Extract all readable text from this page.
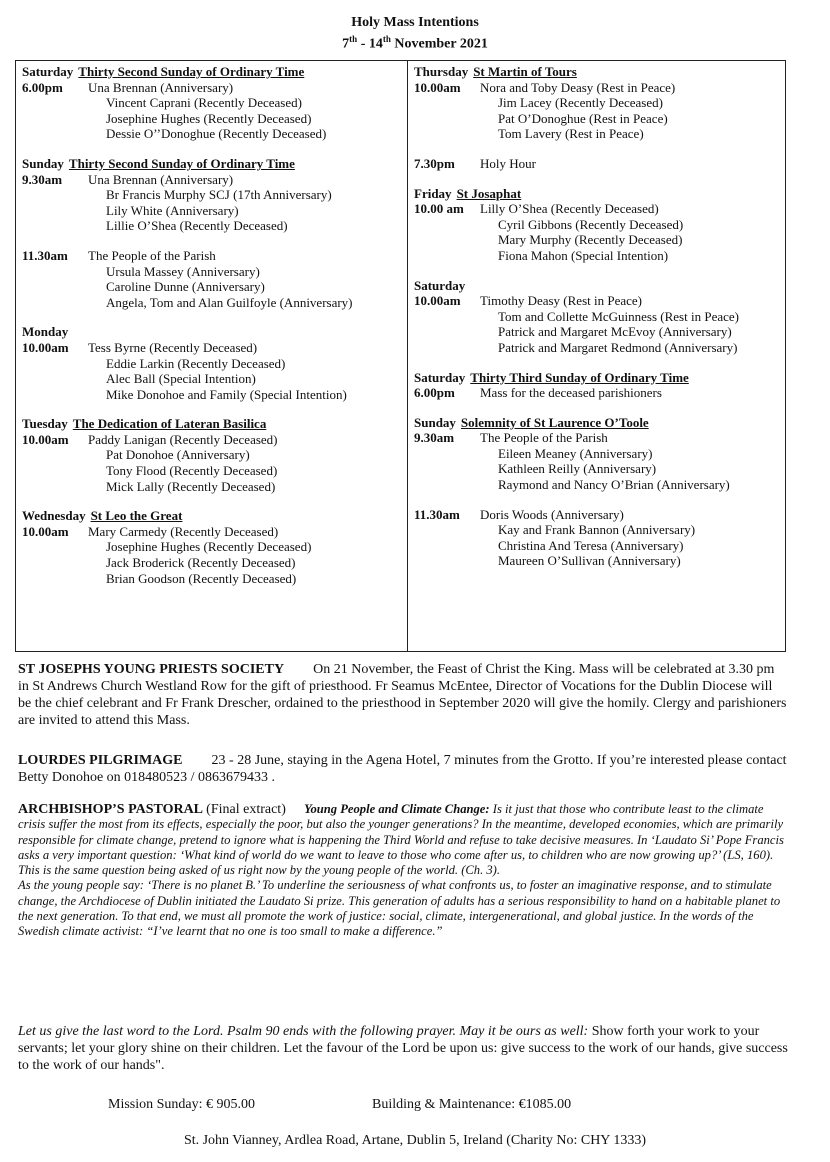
Holy Mass Intentions
7th - 14th November 2021
Saturday Thirty Second Sunday of Ordinary Time
6.00pm	Una Brennan (Anniversary)
Vincent Caprani (Recently Deceased)
Josephine Hughes (Recently Deceased)
Dessie O’’Donoghue (Recently Deceased)
Sunday Thirty Second Sunday of Ordinary Time
9.30am	Una Brennan (Anniversary)
Br Francis Murphy SCJ (17th Anniversary)
Lily White (Anniversary)
Lillie O’Shea (Recently Deceased)
11.30am	The People of the Parish
Ursula Massey (Anniversary)
Caroline Dunne (Anniversary)
Angela, Tom and Alan Guilfoyle (Anniversary)
Monday
10.00am	Tess Byrne (Recently Deceased)
Eddie Larkin (Recently Deceased)
Alec Ball (Special Intention)
Mike Donohoe and Family (Special Intention)
Tuesday The Dedication of Lateran Basilica
10.00am	Paddy Lanigan (Recently Deceased)
Pat Donohoe (Anniversary)
Tony Flood (Recently Deceased)
Mick Lally (Recently Deceased)
Wednesday St Leo the Great
10.00am	Mary Carmedy (Recently Deceased)
Josephine Hughes (Recently Deceased)
Jack Broderick (Recently Deceased)
Brian Goodson (Recently Deceased)
Thursday St Martin of Tours
10.00am	Nora and Toby Deasy (Rest in Peace)
Jim Lacey (Recently Deceased)
Pat O’Donoghue (Rest in Peace)
Tom Lavery (Rest in Peace)
7.30pm	Holy Hour
Friday St Josaphat
10.00 am	Lilly O’Shea (Recently Deceased)
Cyril Gibbons (Recently Deceased)
Mary Murphy (Recently Deceased)
Fiona Mahon (Special Intention)
Saturday
10.00am	Timothy Deasy (Rest in Peace)
Tom and Collette McGuinness (Rest in Peace)
Patrick and Margaret McEvoy (Anniversary)
Patrick and Margaret Redmond (Anniversary)
Saturday Thirty Third Sunday of Ordinary Time
6.00pm	Mass for the deceased parishioners
Sunday Solemnity of St Laurence O’Toole
9.30am	The People of the Parish
Eileen Meaney (Anniversary)
Kathleen Reilly (Anniversary)
Raymond and Nancy O’Brian (Anniversary)
11.30am	Doris Woods (Anniversary)
Kay and Frank Bannon (Anniversary)
Christina And Teresa (Anniversary)
Maureen O’Sullivan (Anniversary)
ST JOSEPHS YOUNG PRIESTS SOCIETY On 21 November, the Feast of Christ the King. Mass will be celebrated at 3.30 pm in St Andrews Church Westland Row for the gift of priesthood. Fr Seamus McEntee, Director of Vocations for the Dublin Diocese will be the chief celebrant and Fr Frank Drescher, ordained to the priesthood in September 2020 will give the homily. Clergy and parishioners are invited to attend this Mass.
LOURDES PILGRIMAGE 23 - 28 June, staying in the Agena Hotel, 7 minutes from the Grotto. If you’re interested please contact Betty Donohoe on 018480523 / 0863679433 .
ARCHBISHOP’S PASTORAL (Final extract) Young People and Climate Change: Is it just that those who contribute least to the climate crisis suffer the most from its effects, especially the poor, but also the younger generations? In the meantime, developed economies, which are primarily responsible for climate change, pretend to ignore what is happening the Third World and refuse to take decisive measures. In ‘Laudato Si’ Pope Francis asks a very important question: ‘What kind of world do we want to leave to those who come after us, to children who are now growing up?’ (LS, 160). This is the same question being asked of us right now by the young people of the world. (Ch. 3).
As the young people say: ‘There is no planet B.’ To underline the seriousness of what confronts us, to foster an imaginative response, and to stimulate change, the Archdiocese of Dublin initiated the Laudato Si prize. This generation of adults has a serious responsibility to hand on a habitable planet to the next generation. To that end, we must all promote the work of justice: social, climate, intergenerational, and global justice. In the words of the Swedish climate activist: “I’ve learnt that no one is too small to make a difference.”
Let us give the last word to the Lord. Psalm 90 ends with the following prayer. May it be ours as well: Show forth your work to your servants; let your glory shine on their children. Let the favour of the Lord be upon us: give success to the work of our hands, give success to the work of our hands".
Mission Sunday: € 905.00	Building & Maintenance: €1085.00
St. John Vianney, Ardlea Road, Artane, Dublin 5, Ireland (Charity No: CHY 1333)
